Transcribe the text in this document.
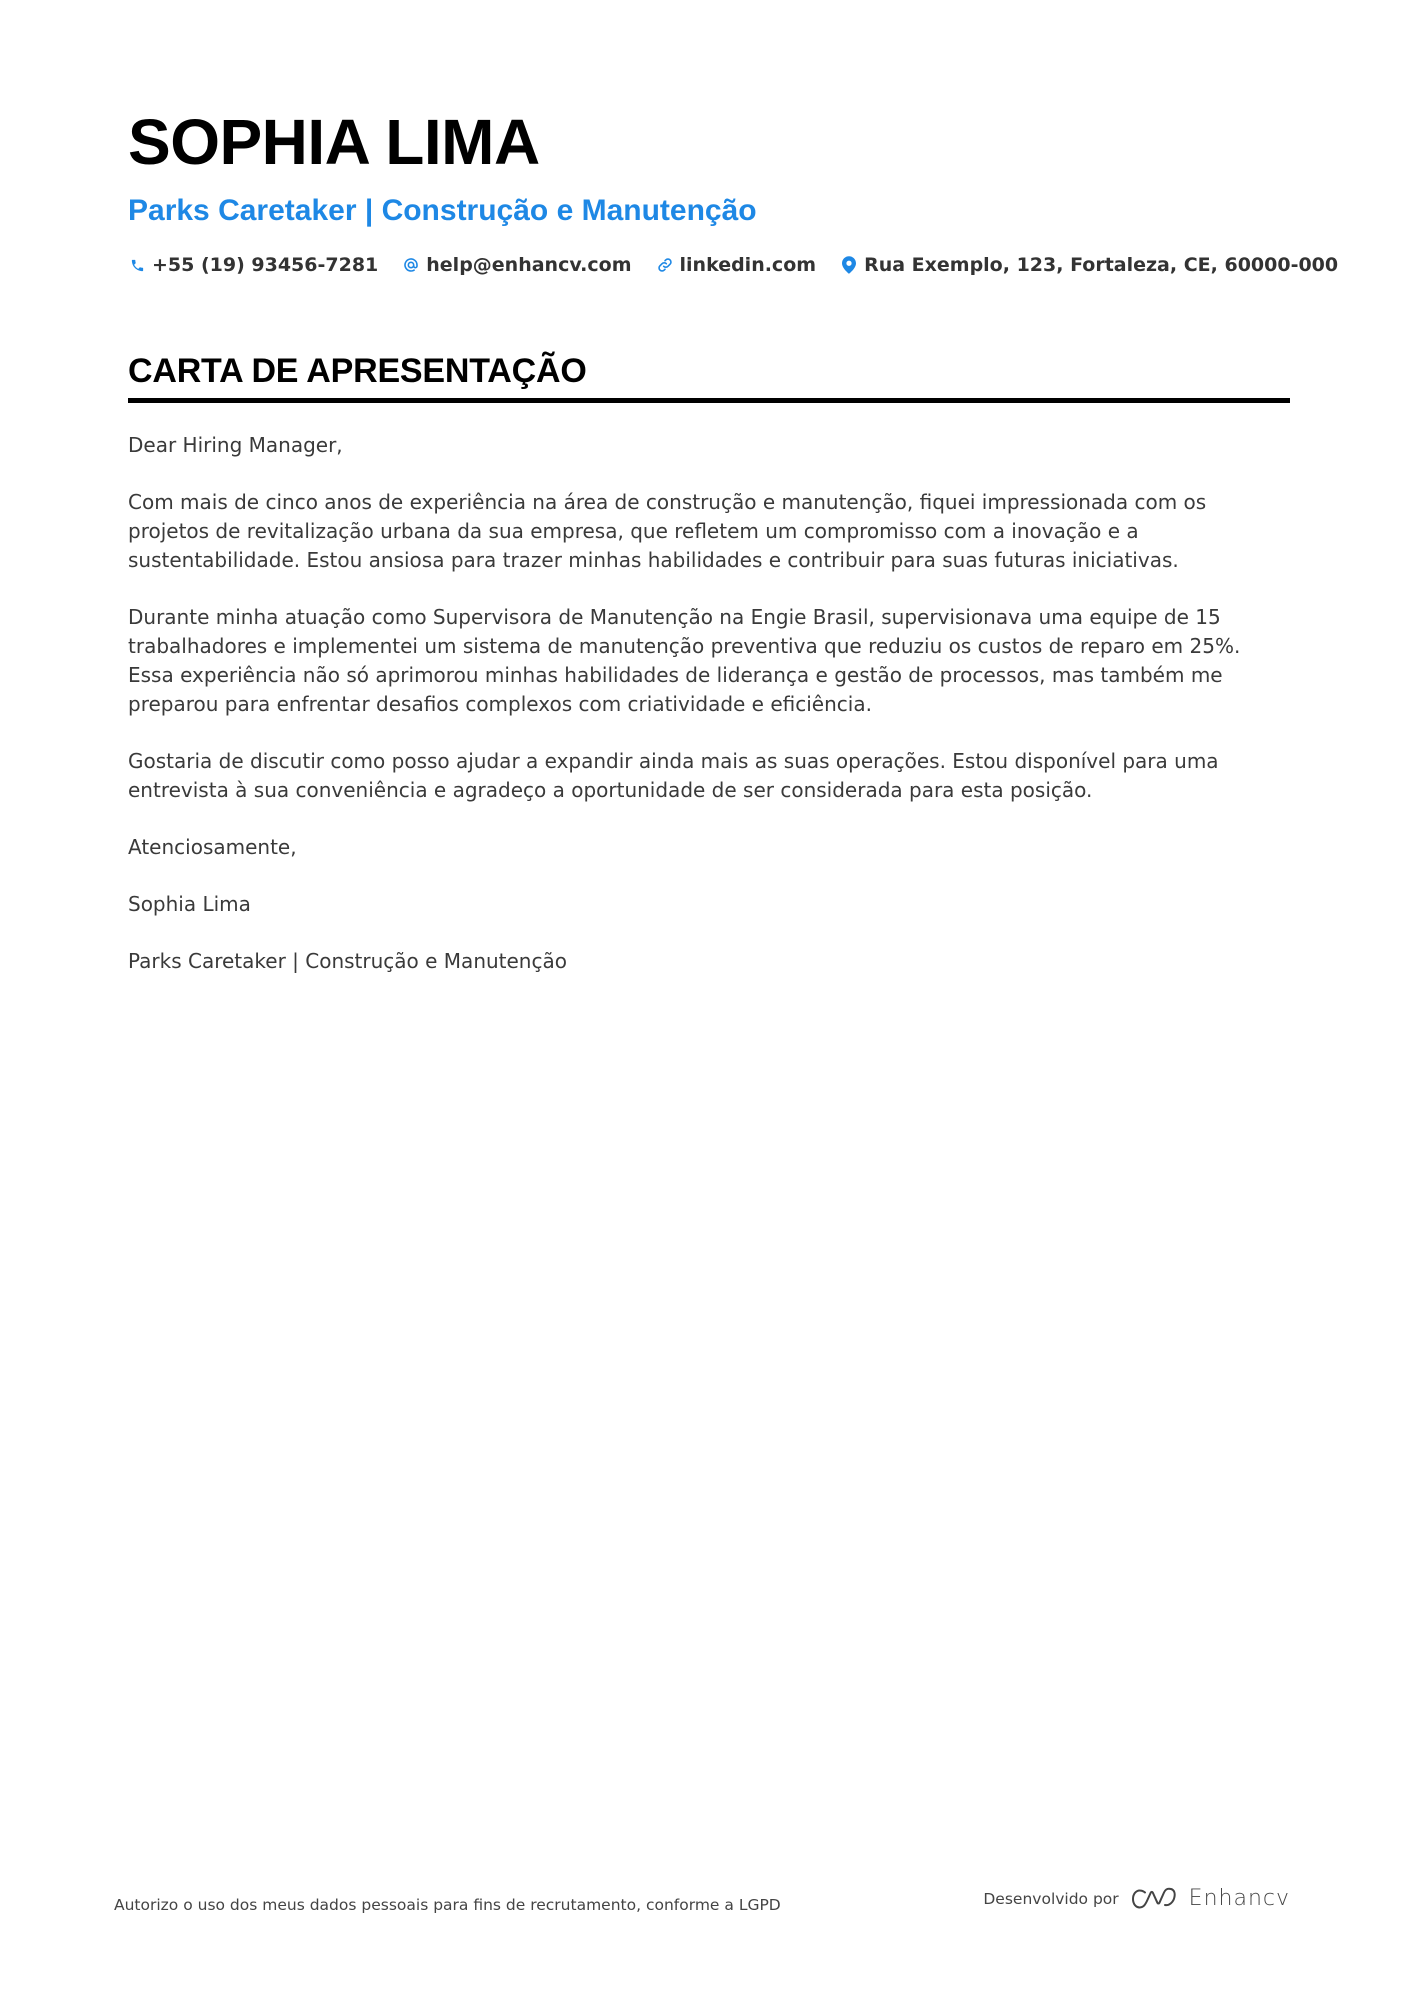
SOPHIA LIMA
Parks Caretaker | Construção e Manutenção
+55 (19) 93456-7281	help@enhancv.com	linkedin.com	Rua Exemplo, 123, Fortaleza, CE, 60000-000
CARTA DE APRESENTAÇÃO

Dear Hiring Manager,

Com mais de cinco anos de experiência na área de construção e manutenção, fiquei impressionada com os projetos de revitalização urbana da sua empresa, que refletem um compromisso com a inovação e a sustentabilidade. Estou ansiosa para trazer minhas habilidades e contribuir para suas futuras iniciativas.

Durante minha atuação como Supervisora de Manutenção na Engie Brasil, supervisionava uma equipe de 15 trabalhadores e implementei um sistema de manutenção preventiva que reduziu os custos de reparo em 25%. Essa experiência não só aprimorou minhas habilidades de liderança e gestão de processos, mas também me preparou para enfrentar desafios complexos com criatividade e eficiência.

Gostaria de discutir como posso ajudar a expandir ainda mais as suas operações. Estou disponível para uma entrevista à sua conveniência e agradeço a oportunidade de ser considerada para esta posição.

Atenciosamente,

Sophia Lima

Parks Caretaker | Construção e Manutenção

Autorizo o uso dos meus dados pessoais para fins de recrutamento, conforme a LGPD	Desenvolvido por	Enhancv
